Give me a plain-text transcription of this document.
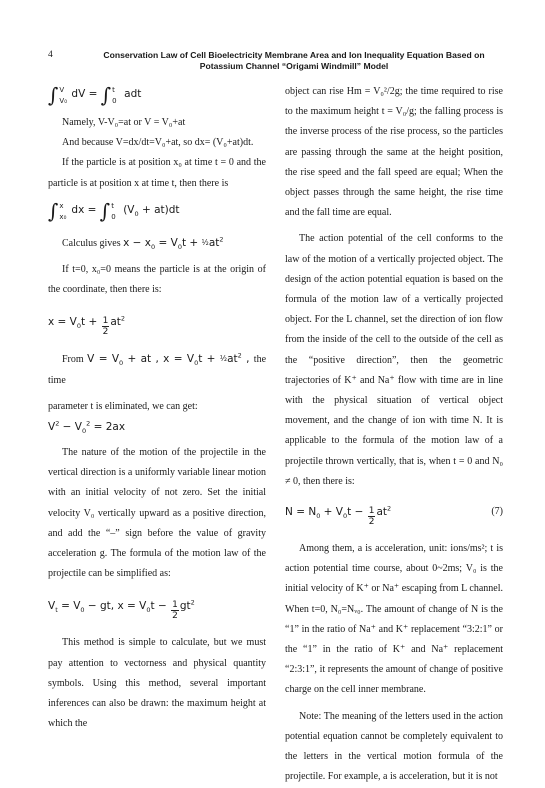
4	Conservation Law of Cell Bioelectricity Membrane Area and Ion Inequality Equation Based on
Potassium Channel “Origami Windmill” Model
∫ V
V₀
dV = ∫ t
0
adt

Namely, V-V₀=at or V = V₀+at

And because V=dx/dt=V₀+at, so dx= (V₀+at)dt.

If the particle is at position x₀ at time t = 0 and the particle is at position x at time t, then there is

∫ x
x₀
dx = ∫ t
0
$(V_0 + at)dt$

Calculus gives $x - x_0 = V_0t$ + $\frac{1}{2}at^2$

If t=0, x₀=0 means the particle is at the origin of the coordinate, then there is:

$x = V_0t + \frac{1}{2} at^2$

From $V = V_0$ + at , $x = V_0t$ + $\frac{1}{2}at^2$ , the time

parameter t is eliminated, we can get:

$V^2 - V_0^2 = 2ax$

The nature of the motion of the projectile in the vertical direction is a uniformly variable linear motion with an initial velocity of not zero. Set the initial velocity V₀ vertically upward as a positive direction, and add the “–” sign before the value of gravity acceleration g. The formula of the motion law of the projectile can be simplified as:

$V_t = V_0$ − gt, $x = V_0t - \frac{1}{2} gt^2$

This method is simple to calculate, but we must pay attention to vectorness and physical quantity symbols. Using this method, several important inferences can also be drawn: the maximum height at which the

object can rise Hm = V₀²/2g; the time required to rise to the maximum height t = V₀/g; the falling process is the inverse process of the rise process, so the particles are passing through the same at the height position, the rise speed and the fall speed are equal; When the object passes through the same height, the rise time and the fall time are equal.

The action potential of the cell conforms to the law of the motion of a vertically projected object. The design of the action potential equation is based on the formula of the motion law of a vertically projected object. For the L channel, set the direction of ion flow from the inside of the cell to the outside of the cell as the “positive direction”, then the geometric trajectories of K⁺ and Na⁺ flow with time are in line with the physical situation of vertical object movement, and the change of ion with time N. It is applicable to the formula of the motion law of a projectile thrown vertically, that is, when t = 0 and N₀ ≠ 0, then there is:

$N = N_0 + V_0t - \frac{1}{2} at^2$	(7)

Among them, a is acceleration, unit: ions/ms²; t is action potential time course, about 0~2ms; V₀ is the initial velocity of K⁺ or Na⁺ escaping from L channel. When t=0, N₀=Nᵥ₀. The amount of change of N is the “1” in the ratio of Na⁺ and K⁺ replacement “3:2:1” or the “1” in the ratio of K⁺ and Na⁺ replacement “2:3:1”, it represents the amount of change of positive charge on the cell inner membrane.

Note: The meaning of the letters used in the action potential equation cannot be completely equivalent to the letters in the vertical motion formula of the projectile. For example, a is acceleration, but it is not
